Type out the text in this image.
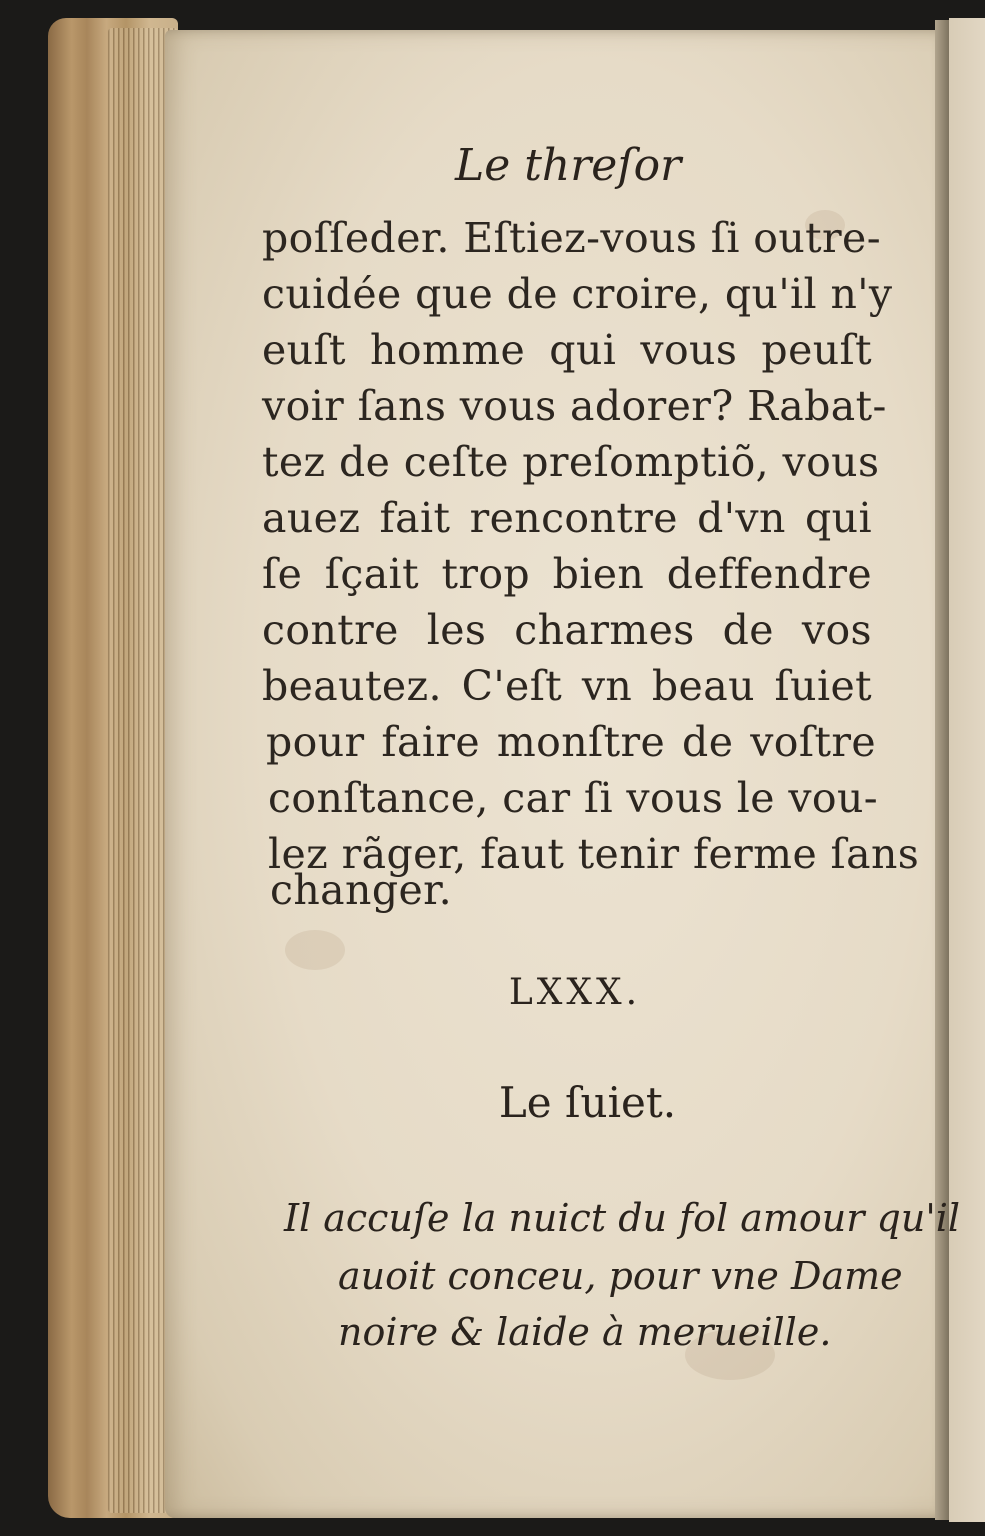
Le threſor
poſſeder. Eſtiez-vous ſi outre-
cuidée que de croire, qu'il n'y
euſt homme qui vous peuſt
voir ſans vous adorer? Rabat-
tez de ceſte preſomptiõ, vous
auez fait rencontre d'vn qui
ſe ſçait trop bien deffendre
contre les charmes de vos
beautez. C'eſt vn beau ſuiet
pour faire monſtre de voſtre
conſtance, car ſi vous le vou-
lez rãger, faut tenir ferme ſans
changer.
LXXX.
Le ſuiet.
Il accuſe la nuict du fol amour qu'il
auoit conceu, pour vne Dame
noire & laide à merueille.
